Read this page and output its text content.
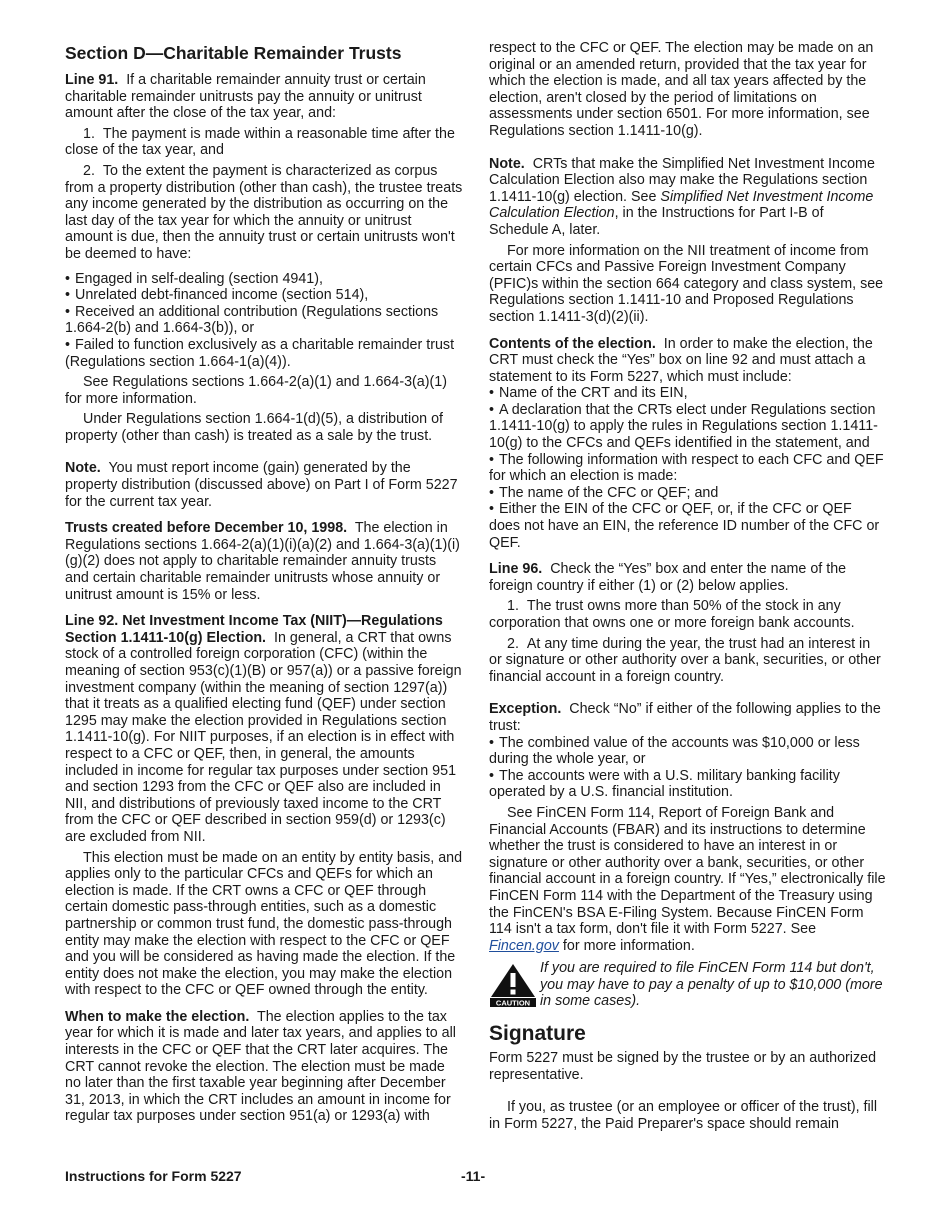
Section D—Charitable Remainder Trusts

Line 91. If a charitable remainder annuity trust or certain charitable remainder unitrusts pay the annuity or unitrust amount after the close of the tax year, and:

1.  The payment is made within a reasonable time after the close of the tax year, and

2.  To the extent the payment is characterized as corpus from a property distribution (other than cash), the trustee treats any income generated by the distribution as occurring on the last day of the tax year for which the annuity or unitrust amount is due, then the annuity trust or certain unitrusts won't be deemed to have:

• Engaged in self-dealing (section 4941),

• Unrelated debt-financed income (section 514),

• Received an additional contribution (Regulations sections 1.664-2(b) and 1.664-3(b)), or

• Failed to function exclusively as a charitable remainder trust (Regulations section 1.664-1(a)(4)).

See Regulations sections 1.664-2(a)(1) and 1.664-3(a)(1) for more information.

Under Regulations section 1.664-1(d)(5), a distribution of property (other than cash) is treated as a sale by the trust.

Note. You must report income (gain) generated by the property distribution (discussed above) on Part I of Form 5227 for the current tax year.

Trusts created before December 10, 1998. The election in Regulations sections 1.664-2(a)(1)(i)(a)(2) and 1.664-3(a)(1)(i)(g)(2) does not apply to charitable remainder annuity trusts and certain charitable remainder unitrusts whose annuity or unitrust amount is 15% or less.

Line 92. Net Investment Income Tax (NIIT)—Regulations Section 1.1411-10(g) Election. In general, a CRT that owns stock of a controlled foreign corporation (CFC) (within the meaning of section 953(c)(1)(B) or 957(a)) or a passive foreign investment company (within the meaning of section 1297(a)) that it treats as a qualified electing fund (QEF) under section 1295 may make the election provided in Regulations section 1.1411-10(g). For NIIT purposes, if an election is in effect with respect to a CFC or QEF, then, in general, the amounts included in income for regular tax purposes under section 951 and section 1293 from the CFC or QEF also are included in NII, and distributions of previously taxed income to the CRT from the CFC or QEF described in section 959(d) or 1293(c) are excluded from NII.

This election must be made on an entity by entity basis, and applies only to the particular CFCs and QEFs for which an election is made. If the CRT owns a CFC or QEF through certain domestic pass-through entities, such as a domestic partnership or common trust fund, the domestic pass-through entity may make the election with respect to the CFC or QEF and you will be considered as having made the election. If the entity does not make the election, you may make the election with respect to the CFC or QEF owned through the entity.

When to make the election. The election applies to the tax year for which it is made and later tax years, and applies to all interests in the CFC or QEF that the CRT later acquires. The CRT cannot revoke the election. The election must be made no later than the first taxable year beginning after December 31, 2013, in which the CRT includes an amount in income for regular tax purposes under section 951(a) or 1293(a) with

respect to the CFC or QEF. The election may be made on an original or an amended return, provided that the tax year for which the election is made, and all tax years affected by the election, aren't closed by the period of limitations on assessments under section 6501. For more information, see Regulations section 1.1411-10(g).

Note. CRTs that make the Simplified Net Investment Income Calculation Election also may make the Regulations section 1.1411-10(g) election. See Simplified Net Investment Income Calculation Election, in the Instructions for Part I-B of Schedule A, later.

For more information on the NII treatment of income from certain CFCs and Passive Foreign Investment Company (PFIC)s within the section 664 category and class system, see Regulations section 1.1411-10 and Proposed Regulations section 1.1411-3(d)(2)(ii).

Contents of the election. In order to make the election, the CRT must check the “Yes” box on line 92 and must attach a statement to its Form 5227, which must include:

• Name of the CRT and its EIN,

• A declaration that the CRTs elect under Regulations section 1.1411-10(g) to apply the rules in Regulations section 1.1411-10(g) to the CFCs and QEFs identified in the statement, and

• The following information with respect to each CFC and QEF for which an election is made:

• The name of the CFC or QEF; and

• Either the EIN of the CFC or QEF, or, if the CFC or QEF does not have an EIN, the reference ID number of the CFC or QEF.

Line 96. Check the “Yes” box and enter the name of the foreign country if either (1) or (2) below applies.

1.  The trust owns more than 50% of the stock in any corporation that owns one or more foreign bank accounts.

2.  At any time during the year, the trust had an interest in or signature or other authority over a bank, securities, or other financial account in a foreign country.

Exception. Check “No” if either of the following applies to the trust:

• The combined value of the accounts was $10,000 or less during the whole year, or

• The accounts were with a U.S. military banking facility operated by a U.S. financial institution.

See FinCEN Form 114, Report of Foreign Bank and Financial Accounts (FBAR) and its instructions to determine whether the trust is considered to have an interest in or signature or other authority over a bank, securities, or other financial account in a foreign country. If “Yes,” electronically file FinCEN Form 114 with the Department of the Treasury using the FinCEN's BSA E-Filing System. Because FinCEN Form 114 isn't a tax form, don't file it with Form 5227. See
Fincen.gov for more information.

CAUTION

If you are required to file FinCEN Form 114 but don't, you may have to pay a penalty of up to $10,000 (more in some cases).

Signature

Form 5227 must be signed by the trustee or by an authorized representative.

If you, as trustee (or an employee or officer of the trust), fill in Form 5227, the Paid Preparer's space should remain

Instructions for Form 5227	-11-
